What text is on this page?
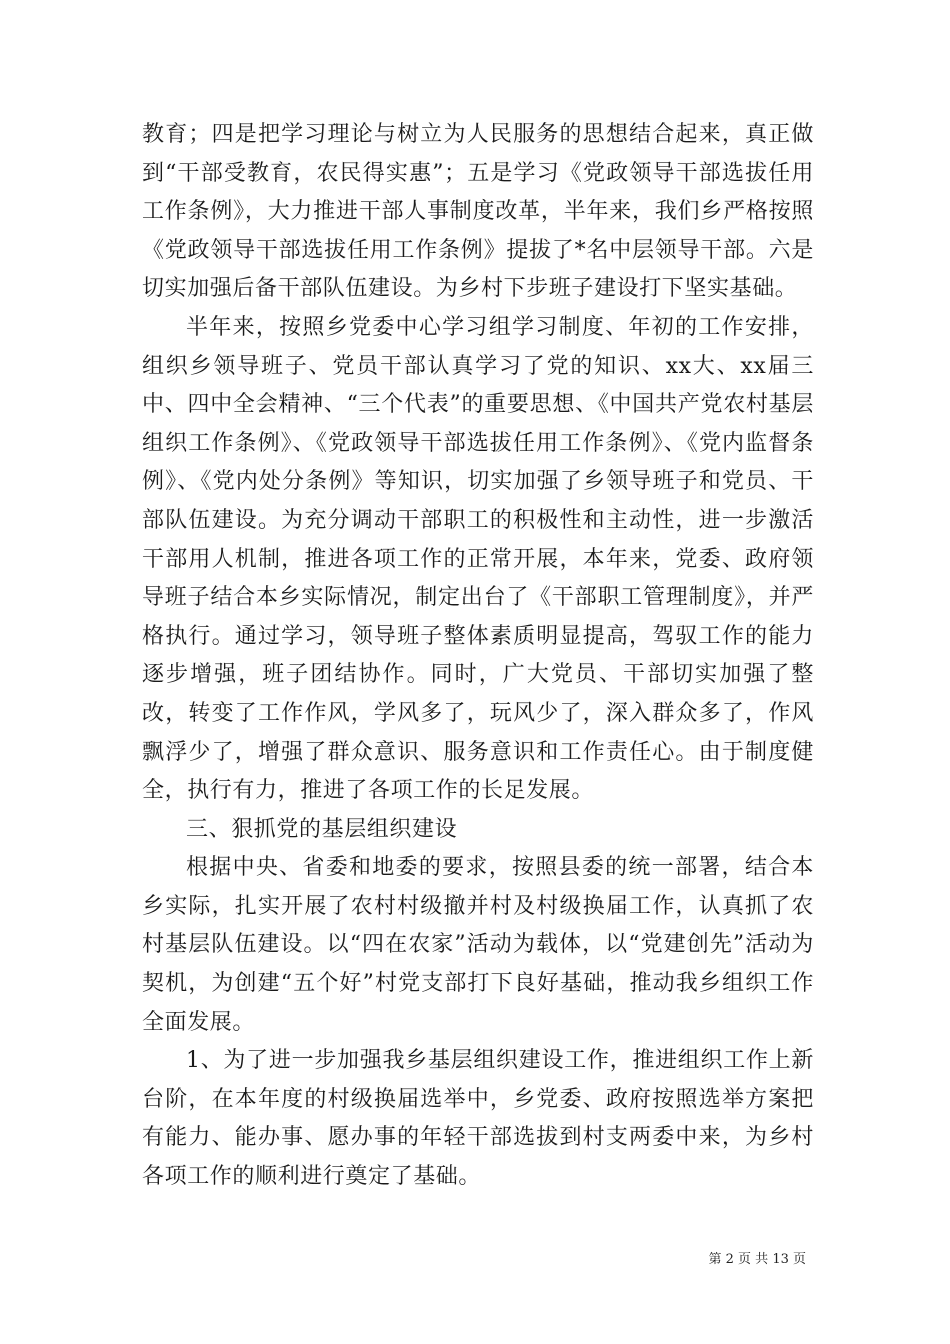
教育；四是把学习理论与树立为人民服务的思想结合起来，真正做到“干部受教育，农民得实惠”；五是学习《党政领导干部选拔任用工作条例》，大力推进干部人事制度改革，半年来，我们乡严格按照《党政领导干部选拔任用工作条例》提拔了*名中层领导干部。六是切实加强后备干部队伍建设。为乡村下步班子建设打下坚实基础。

半年来，按照乡党委中心学习组学习制度、年初的工作安排，组织乡领导班子、党员干部认真学习了党的知识、xx大、xx届三中、四中全会精神、“三个代表”的重要思想、《中国共产党农村基层组织工作条例》、《党政领导干部选拔任用工作条例》、《党内监督条例》、《党内处分条例》等知识，切实加强了乡领导班子和党员、干部队伍建设。为充分调动干部职工的积极性和主动性，进一步激活干部用人机制，推进各项工作的正常开展，本年来，党委、政府领导班子结合本乡实际情况，制定出台了《干部职工管理制度》，并严格执行。通过学习，领导班子整体素质明显提高，驾驭工作的能力逐步增强，班子团结协作。同时，广大党员、干部切实加强了整改，转变了工作作风，学风多了，玩风少了，深入群众多了，作风飘浮少了，增强了群众意识、服务意识和工作责任心。由于制度健全，执行有力，推进了各项工作的长足发展。

三、狠抓党的基层组织建设

根据中央、省委和地委的要求，按照县委的统一部署，结合本乡实际，扎实开展了农村村级撤并村及村级换届工作，认真抓了农村基层队伍建设。以“四在农家”活动为载体，以“党建创先”活动为契机，为创建“五个好”村党支部打下良好基础，推动我乡组织工作全面发展。

1、为了进一步加强我乡基层组织建设工作，推进组织工作上新台阶，在本年度的村级换届选举中，乡党委、政府按照选举方案把有能力、能办事、愿办事的年轻干部选拔到村支两委中来，为乡村各项工作的顺利进行奠定了基础。

第 2 页 共 13 页
